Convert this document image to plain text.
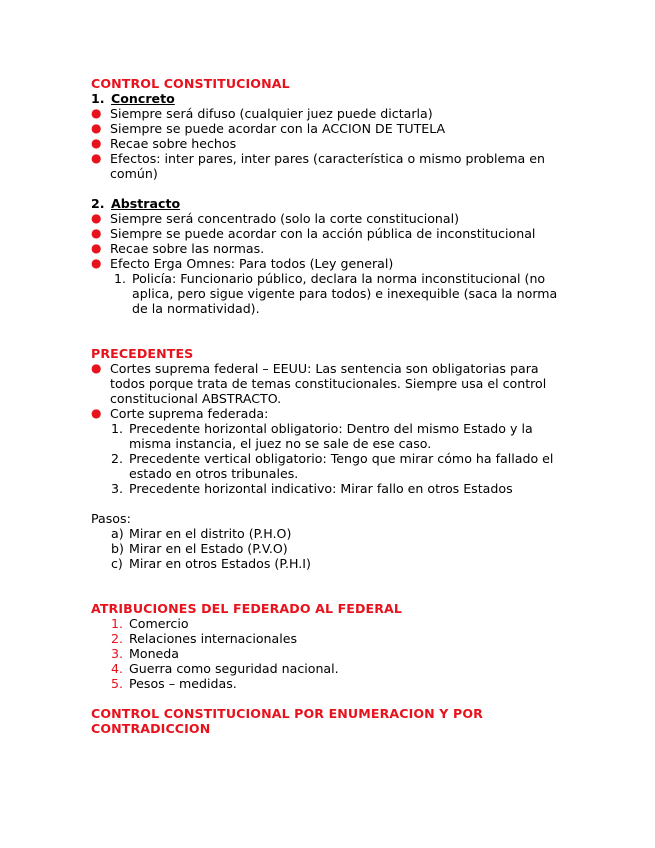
CONTROL CONSTITUCIONAL
1. Concreto
● Siempre será difuso (cualquier juez puede dictarla)
● Siempre se puede acordar con la ACCION DE TUTELA
● Recae sobre hechos
● Efectos: inter pares, inter pares (característica o mismo problema en común)
2. Abstracto
● Siempre será concentrado (solo la corte constitucional)
● Siempre se puede acordar con la acción pública de inconstitucional
● Recae sobre las normas.
● Efecto Erga Omnes: Para todos (Ley general)
1. Policía: Funcionario público, declara la norma inconstitucional (no aplica, pero sigue vigente para todos) e inexequible (saca la norma de la normatividad).
PRECEDENTES
● Cortes suprema federal – EEUU: Las sentencia son obligatorias para todos porque trata de temas constitucionales. Siempre usa el control constitucional ABSTRACTO.
● Corte suprema federada:
1. Precedente horizontal obligatorio: Dentro del mismo Estado y la misma instancia, el juez no se sale de ese caso.
2. Precedente vertical obligatorio: Tengo que mirar cómo ha fallado el estado en otros tribunales.
3. Precedente horizontal indicativo: Mirar fallo en otros Estados
Pasos:
a) Mirar en el distrito (P.H.O)
b) Mirar en el Estado (P.V.O)
c) Mirar en otros Estados (P.H.I)
ATRIBUCIONES DEL FEDERADO AL FEDERAL
1. Comercio
2. Relaciones internacionales
3. Moneda
4. Guerra como seguridad nacional.
5. Pesos – medidas.
CONTROL CONSTITUCIONAL POR ENUMERACION Y POR CONTRADICCION
